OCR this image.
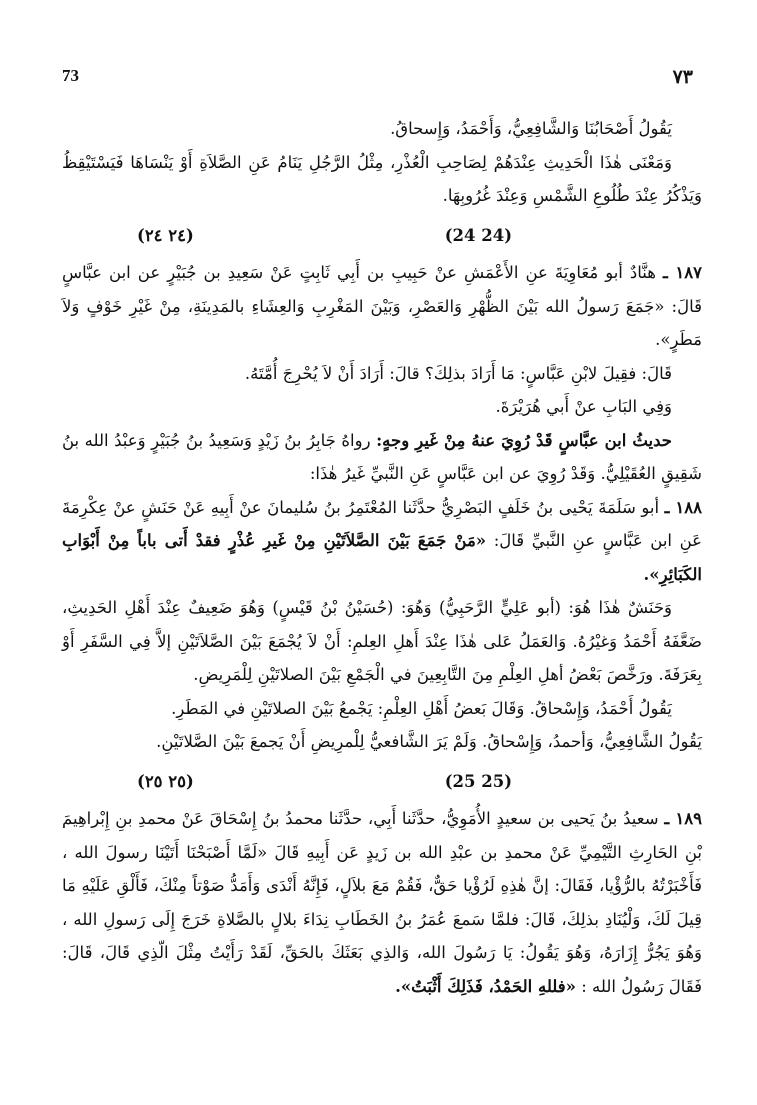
73	٧٣

يَقُولُ أَصْحَابُنَا وَالشَّافِعِيُّ، وَأَحْمَدُ، وَإِسحاقُ.

وَمَعْنَى هٰذَا الْحَدِيثِ عِنْدَهُمْ لِصَاحِبِ الْعُذْرِ، مِثْلُ الرَّجُلِ يَنَامُ عَنِ الصَّلاَةِ أَوْ يَنْسَاهَا فَيَسْتَيْقِظُ وَيَذْكُرُ عِنْدَ طُلُوعِ الشَّمْسِ وَعِنْدَ غُرُوبِهَا.

(24 24)
(٢٤ ٢٤)

١٨٧ ـ هنَّادٌ أبو مُعَاوِيَةَ عنِ الأَعْمَشِ عنْ حَبِيبِ بن أَبِي ثَابِتٍ عَنْ سَعِيدِ بن جُبَيْرٍ عن ابن عبَّاسٍ قَالَ: «جَمَعَ رَسولُ الله بَيْنَ الظُّهْرِ وَالعَصْرِ، وَبَيْنَ المَغْرِبِ وَالعِشَاءِ بالمَدِينَةِ، مِنْ غَيْرِ خَوْفٍ وَلاَ مَطَرٍ».

قَالَ: فقِيلَ لابْنِ عَبَّاسٍ: مَا أَرَادَ بذلِكَ؟ قالَ: أَرَادَ أَنْ لاَ يُحْرِجَ أُمَّتَهُ.

وَفِي البَابِ عنْ أَبي هُرَيْرَةَ.

حديثُ ابن عبَّاسٍ قَدْ رُوِيَ عنهُ مِنْ غَيرِ وجهٍ: رواهُ جَابِرُ بنُ زَيْدٍ وَسَعِيدُ بنُ جُبَيْرٍ وَعبْدُ الله بنُ شَقِيقٍ العُقَيْلِيُّ. وَقَدْ رُوِيَ عن ابن عَبَّاسٍ عَنِ النَّبيِّ غَيرُ هٰذَا:

١٨٨ ـ أبو سَلَمَةَ يَحْيى بنُ خَلَفٍ البَصْرِيُّ حدَّثَنا المُعْتَمِرُ بنُ سُليمانَ عنْ أَبِيهِ عَنْ حَنَشٍ عنْ عِكْرِمَةَ عَنِ ابن عَبَّاسٍ عنِ النَّبيِّ قَالَ: «مَنْ جَمَعَ بَيْنَ الصَّلاَتَيْنِ مِنْ غَيرِ عُذْرٍ فقدْ أَتى باباً مِنْ أَبْوَابِ الكَبَائِرِ».

وَحَنَشٌ هٰذَا هُوَ: (أبو عَلِيٍّ الرَّحَبِيُّ) وَهُوَ: (حُسَيْنُ بْنُ قَيْسٍ) وَهُوَ ضَعِيفٌ عِنْدَ أَهْلِ الحَدِيثِ، ضَعَّفَهُ أَحْمَدُ وَغيْرُهُ. وَالعَمَلُ عَلى هٰذَا عِنْدَ أَهلِ العِلمِ: أَنْ لاَ يُجْمَعَ بَيْنَ الصَّلاَتَيْنِ إلاَّ فِي السَّفَرِ أَوْ بِعَرَفَةَ. ورَخَّصَ بَعْضُ أهلِ العِلْمِ مِنَ التَّابِعِينَ في الْجَمْعِ بَيْنَ الصلاتَيْنِ لِلْمَرِيضِ.

يَقُولُ أَحْمَدُ، وَإِسْحاقُ. وَقَالَ بَعضُ أَهْلِ العِلْمِ: يَجْمعُ بَيْنَ الصلاتَيْنِ في المَطَرِ.

يَقُولُ الشَّافِعِيُّ، وَأحمدُ، وَإِسْحاقُ. وَلَمْ يَرَ الشَّافعيُّ لِلْمرِيضِ أَنْ يَجمعَ بَيْنَ الصَّلاتَيْنِ.

(25 25)
(٢٥ ٢٥)

١٨٩ ـ سعيدُ بنُ يَحيى بن سعيدٍ الأُمَوِيُّ، حدَّثَنا أَبِي، حدَّثَنا محمدُ بنُ إِسْحَاقَ عَنْ محمدِ بنِ إِبْراهِيمَ بْنِ الحَارِثِ التَّيْمِيِّ عَنْ محمدِ بن عبْدِ الله بن زَيدٍ عَن أَبِيهِ قَالَ «لَمَّا أَصْبَحْنَا أَتَيْنَا رسولَ الله ، فَأَخْبَرْتُهُ بالرُّؤْيا، فَقَالَ: إنَّ هٰذِهِ لَرُؤْيا حَقٌّ، فَقُمْ مَعَ بلاَلٍ، فَإِنَّهُ أَنْدَى وَأَمَدُّ صَوْتاً مِنْكَ، فَأَلْقِ عَلَيْهِ مَا قِيلَ لَكَ، وَلْيُنَادِ بذلِكَ، قَالَ: فلمَّا سَمعَ عُمَرُ بنُ الخَطَابِ نِدَاءَ بلالٍ بالصَّلاةِ خَرَجَ إِلَى رَسولِ الله ، وَهُوَ يَجُرُّ إِزَارَهُ، وَهُوَ يَقُولُ: يَا رَسُولَ الله، وَالذِي بَعَثَكَ بالحَقِّ، لَقَدْ رَأَيْتُ مِثْلَ الّذِي قَالَ، قَالَ: فَقَالَ رَسُولُ الله : «فللهِ الحَمْدُ، فَذَلِكَ أَثْبَتُ».
